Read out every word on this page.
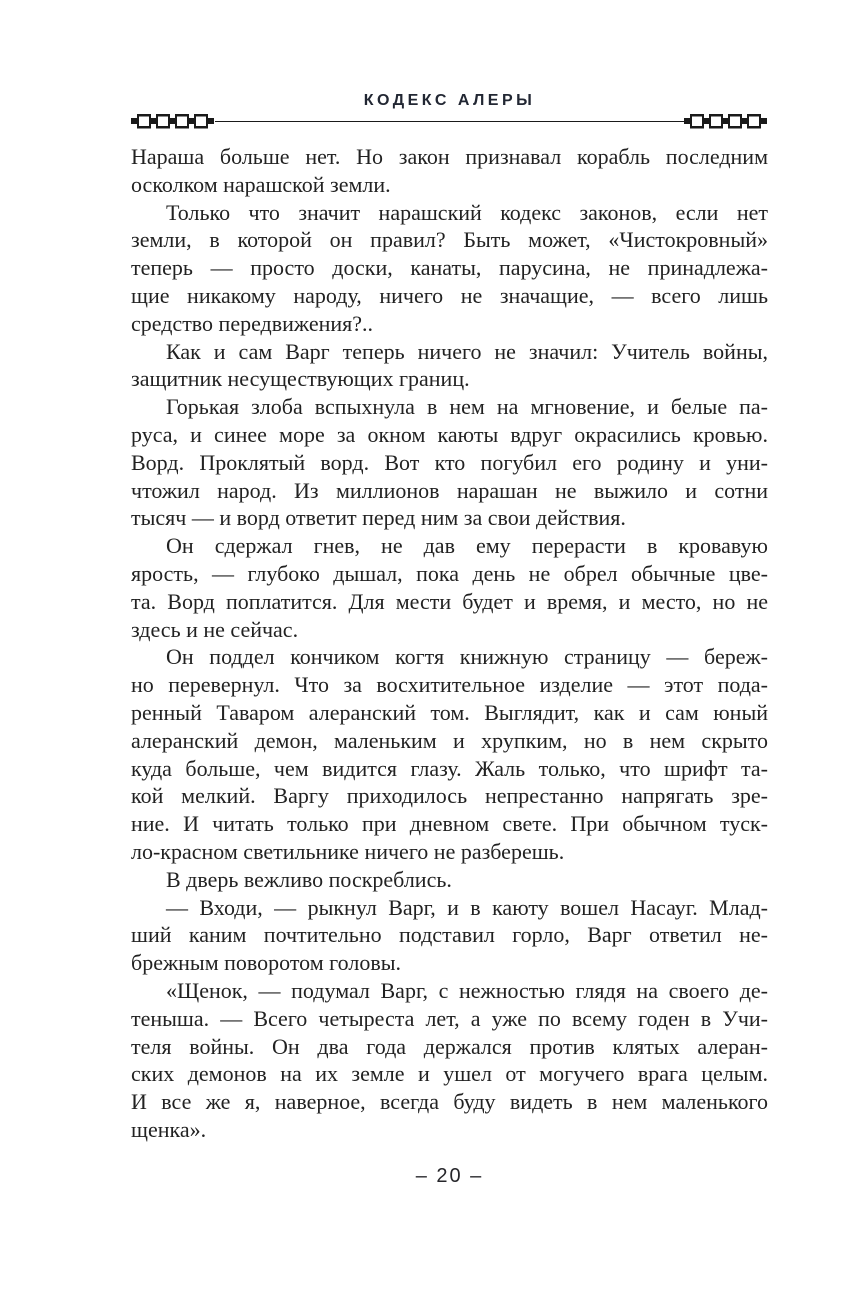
КОДЕКС АЛЕРЫ
Нараша больше нет. Но закон признавал корабль последним
осколком нарашской земли.
Только что значит нарашский кодекс законов, если нет
земли, в которой он правил? Быть может, «Чистокровный»
теперь — просто доски, канаты, парусина, не принадлежа-
щие никакому народу, ничего не значащие, — всего лишь
средство передвижения?..
Как и сам Варг теперь ничего не значил: Учитель войны,
защитник несуществующих границ.
Горькая злоба вспыхнула в нем на мгновение, и белые па-
руса, и синее море за окном каюты вдруг окрасились кровью.
Ворд. Проклятый ворд. Вот кто погубил его родину и уни-
чтожил народ. Из миллионов нарашан не выжило и сотни
тысяч — и ворд ответит перед ним за свои действия.
Он сдержал гнев, не дав ему перерасти в кровавую
ярость, — глубоко дышал, пока день не обрел обычные цве-
та. Ворд поплатится. Для мести будет и время, и место, но не
здесь и не сейчас.
Он поддел кончиком когтя книжную страницу — береж-
но перевернул. Что за восхитительное изделие — этот пода-
ренный Таваром алеранский том. Выглядит, как и сам юный
алеранский демон, маленьким и хрупким, но в нем скрыто
куда больше, чем видится глазу. Жаль только, что шрифт та-
кой мелкий. Варгу приходилось непрестанно напрягать зре-
ние. И читать только при дневном свете. При обычном туск-
ло-красном светильнике ничего не разберешь.
В дверь вежливо поскреблись.
— Входи, — рыкнул Варг, и в каюту вошел Насауг. Млад-
ший каним почтительно подставил горло, Варг ответил не-
брежным поворотом головы.
«Щенок, — подумал Варг, с нежностью глядя на своего де-
теныша. — Всего четыреста лет, а уже по всему годен в Учи-
теля войны. Он два года держался против клятых алеран-
ских демонов на их земле и ушел от могучего врага целым.
И все же я, наверное, всегда буду видеть в нем маленького
щенка».
– 20 –
